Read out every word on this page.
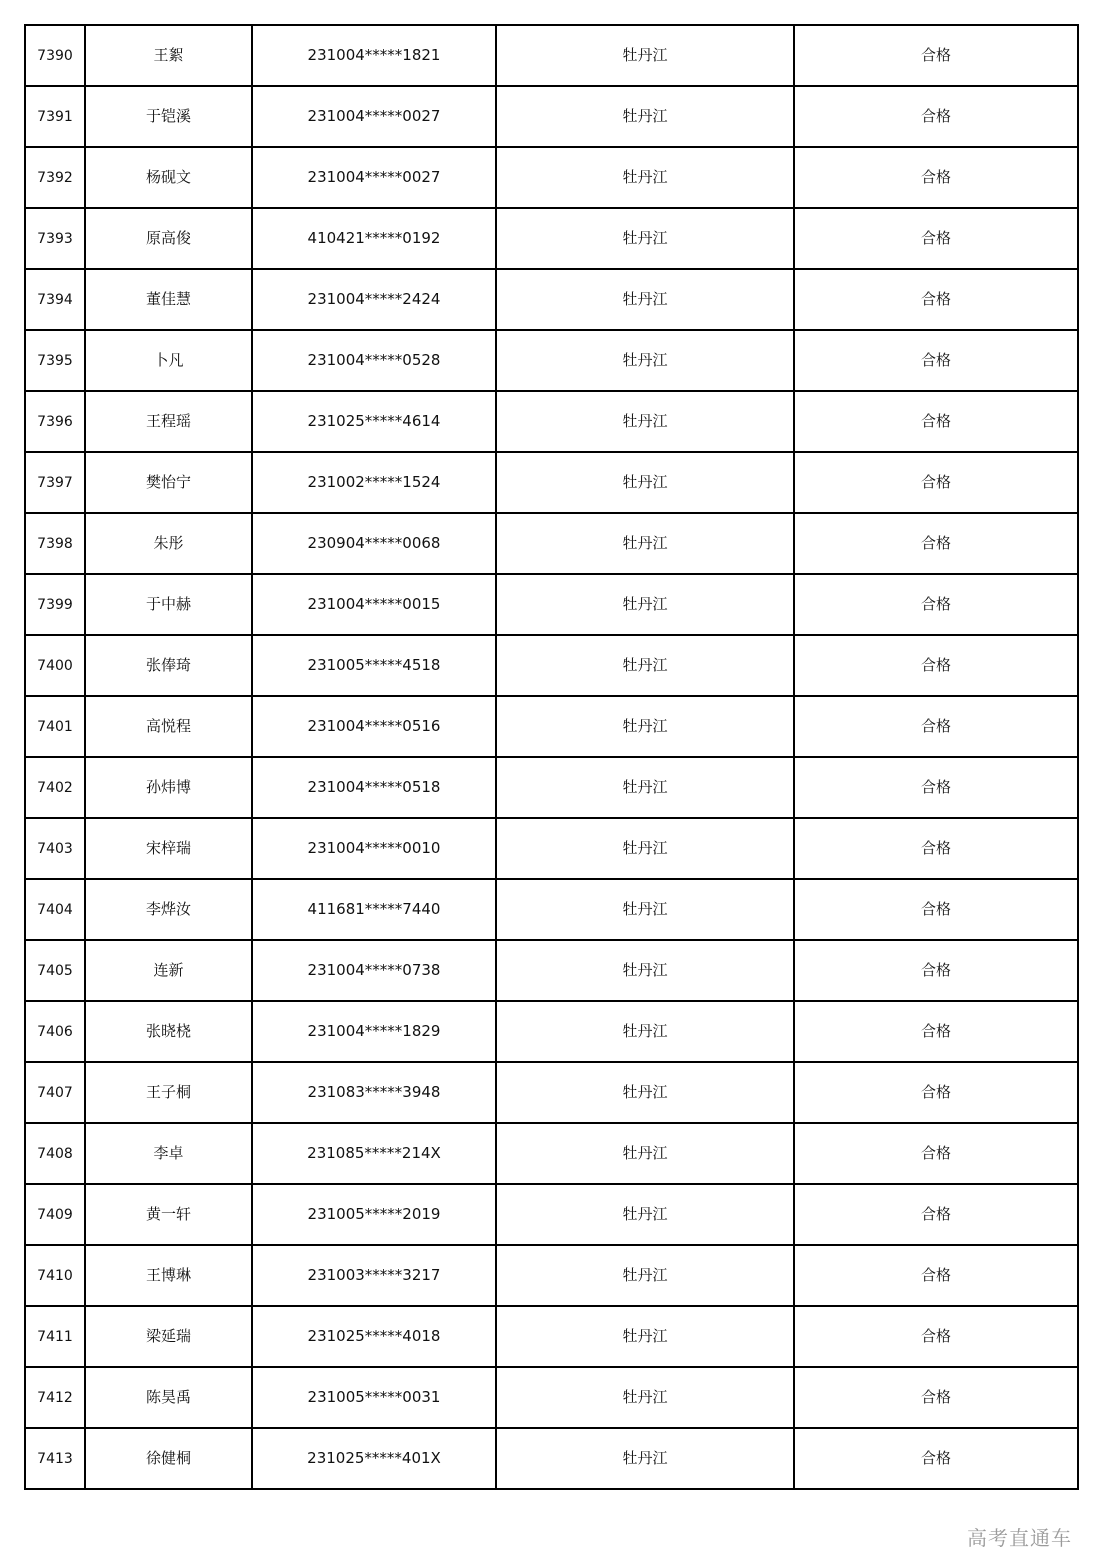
7390	王絮	231004*****1821	牡丹江	合格
7391	于铠溪	231004*****0027	牡丹江	合格
7392	杨砚文	231004*****0027	牡丹江	合格
7393	原高俊	410421*****0192	牡丹江	合格
7394	董佳慧	231004*****2424	牡丹江	合格
7395	卜凡	231004*****0528	牡丹江	合格
7396	王程瑶	231025*****4614	牡丹江	合格
7397	樊怡宁	231002*****1524	牡丹江	合格
7398	朱彤	230904*****0068	牡丹江	合格
7399	于中赫	231004*****0015	牡丹江	合格
7400	张俸琦	231005*****4518	牡丹江	合格
7401	高悦程	231004*****0516	牡丹江	合格
7402	孙炜博	231004*****0518	牡丹江	合格
7403	宋梓瑞	231004*****0010	牡丹江	合格
7404	李烨汝	411681*****7440	牡丹江	合格
7405	连新	231004*****0738	牡丹江	合格
7406	张晓桡	231004*****1829	牡丹江	合格
7407	王子桐	231083*****3948	牡丹江	合格
7408	李卓	231085*****214X	牡丹江	合格
7409	黄一轩	231005*****2019	牡丹江	合格
7410	王博琳	231003*****3217	牡丹江	合格
7411	梁延瑞	231025*****4018	牡丹江	合格
7412	陈昊禹	231005*****0031	牡丹江	合格
7413	徐健桐	231025*****401X	牡丹江	合格
高考直通车
